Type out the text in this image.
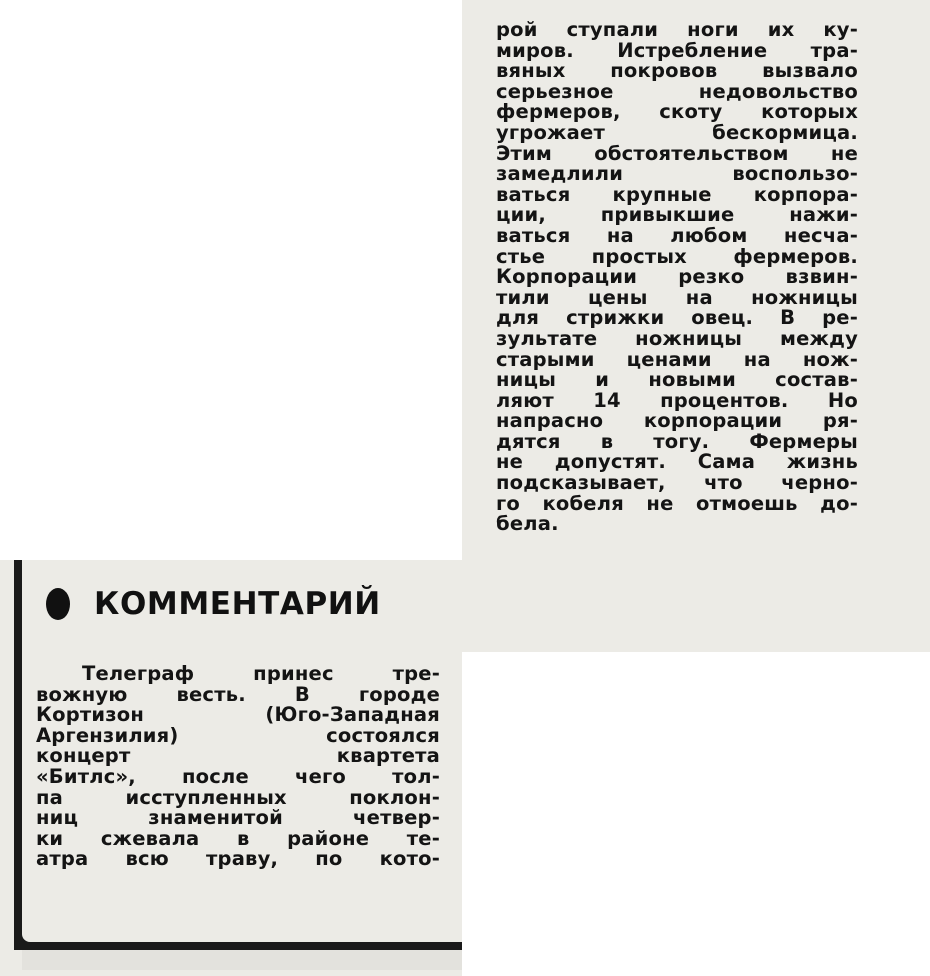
рой ступали ноги их ку-
миров. Истребление тра-
вяных покровов вызвало
серьезное недовольство
фермеров, скоту которых
угрожает бескормица.
Этим обстоятельством не
замедлили воспользо-
ваться крупные корпора-
ции, привыкшие нажи-
ваться на любом несча-
стье простых фермеров.
Корпорации резко взвин-
тили цены на ножницы
для стрижки овец. В ре-
зультате ножницы между
старыми ценами на нож-
ницы и новыми состав-
ляют 14 процентов. Но
напрасно корпорации ря-
дятся в тогу. Фермеры
не допустят. Сама жизнь
подсказывает, что черно-
го кобеля не отмоешь до-
бела.
КОММЕНТАРИЙ
Телеграф принес тре-
вожную весть. В городе
Кортизон (Юго-Западная
Аргензилия) состоялся
концерт квартета
«Битлс», после чего тол-
па исступленных поклон-
ниц знаменитой четвер-
ки сжевала в районе те-
атра всю траву, по кото-
